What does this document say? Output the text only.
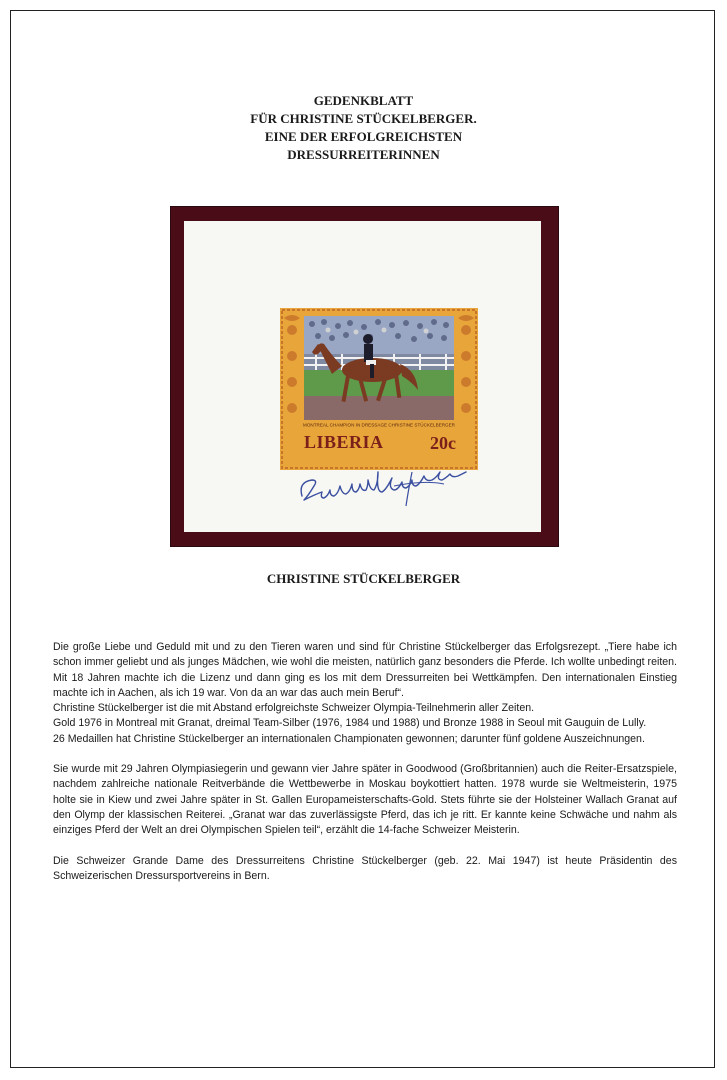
GEDENKBLATT
FÜR CHRISTINE STÜCKELBERGER.
EINE DER ERFOLGREICHSTEN
DRESSURREITERINNEN
MONTREAL CHAMPION IN DRESSAGE CHRISTINE STÜCKELBERGER
LIBERIA	20c
CHRISTINE STÜCKELBERGER

Die große Liebe und Geduld mit und zu den Tieren waren und sind für Christine Stückelberger das Erfolgsrezept. „Tiere habe ich schon immer geliebt und als junges Mädchen, wie wohl die meisten, natürlich ganz besonders die Pferde. Ich wollte unbedingt reiten. Mit 18 Jahren machte ich die Lizenz und dann ging es los mit dem Dressurreiten bei Wettkämpfen. Den internationalen Einstieg machte ich in Aachen, als ich 19 war. Von da an war das auch mein Beruf“.

Christine Stückelberger ist die mit Abstand erfolgreichste Schweizer Olympia-Teilnehmerin aller Zeiten.

Gold 1976 in Montreal mit Granat, dreimal Team-Silber (1976, 1984 und 1988) und Bronze 1988 in Seoul mit Gauguin de Lully.

26 Medaillen hat Christine Stückelberger an internationalen Championaten gewonnen; darunter fünf goldene Auszeichnungen.

Sie wurde mit 29 Jahren Olympiasiegerin und gewann vier Jahre später in Goodwood (Großbritannien) auch die Reiter-Ersatzspiele, nachdem zahlreiche nationale Reitverbände die Wettbewerbe in Moskau boykottiert hatten. 1978 wurde sie Weltmeisterin, 1975 holte sie in Kiew und zwei Jahre später in St. Gallen Europameisterschafts-Gold. Stets führte sie der Holsteiner Wallach Granat auf den Olymp der klassischen Reiterei. „Granat war das zuverlässigste Pferd, das ich je ritt. Er kannte keine Schwäche und nahm als einziges Pferd der Welt an drei Olympischen Spielen teil“, erzählt die 14-fache Schweizer Meisterin.

Die Schweizer Grande Dame des Dressurreitens Christine Stückelberger (geb. 22. Mai 1947) ist heute Präsidentin des Schweizerischen Dressursportvereins in Bern.
